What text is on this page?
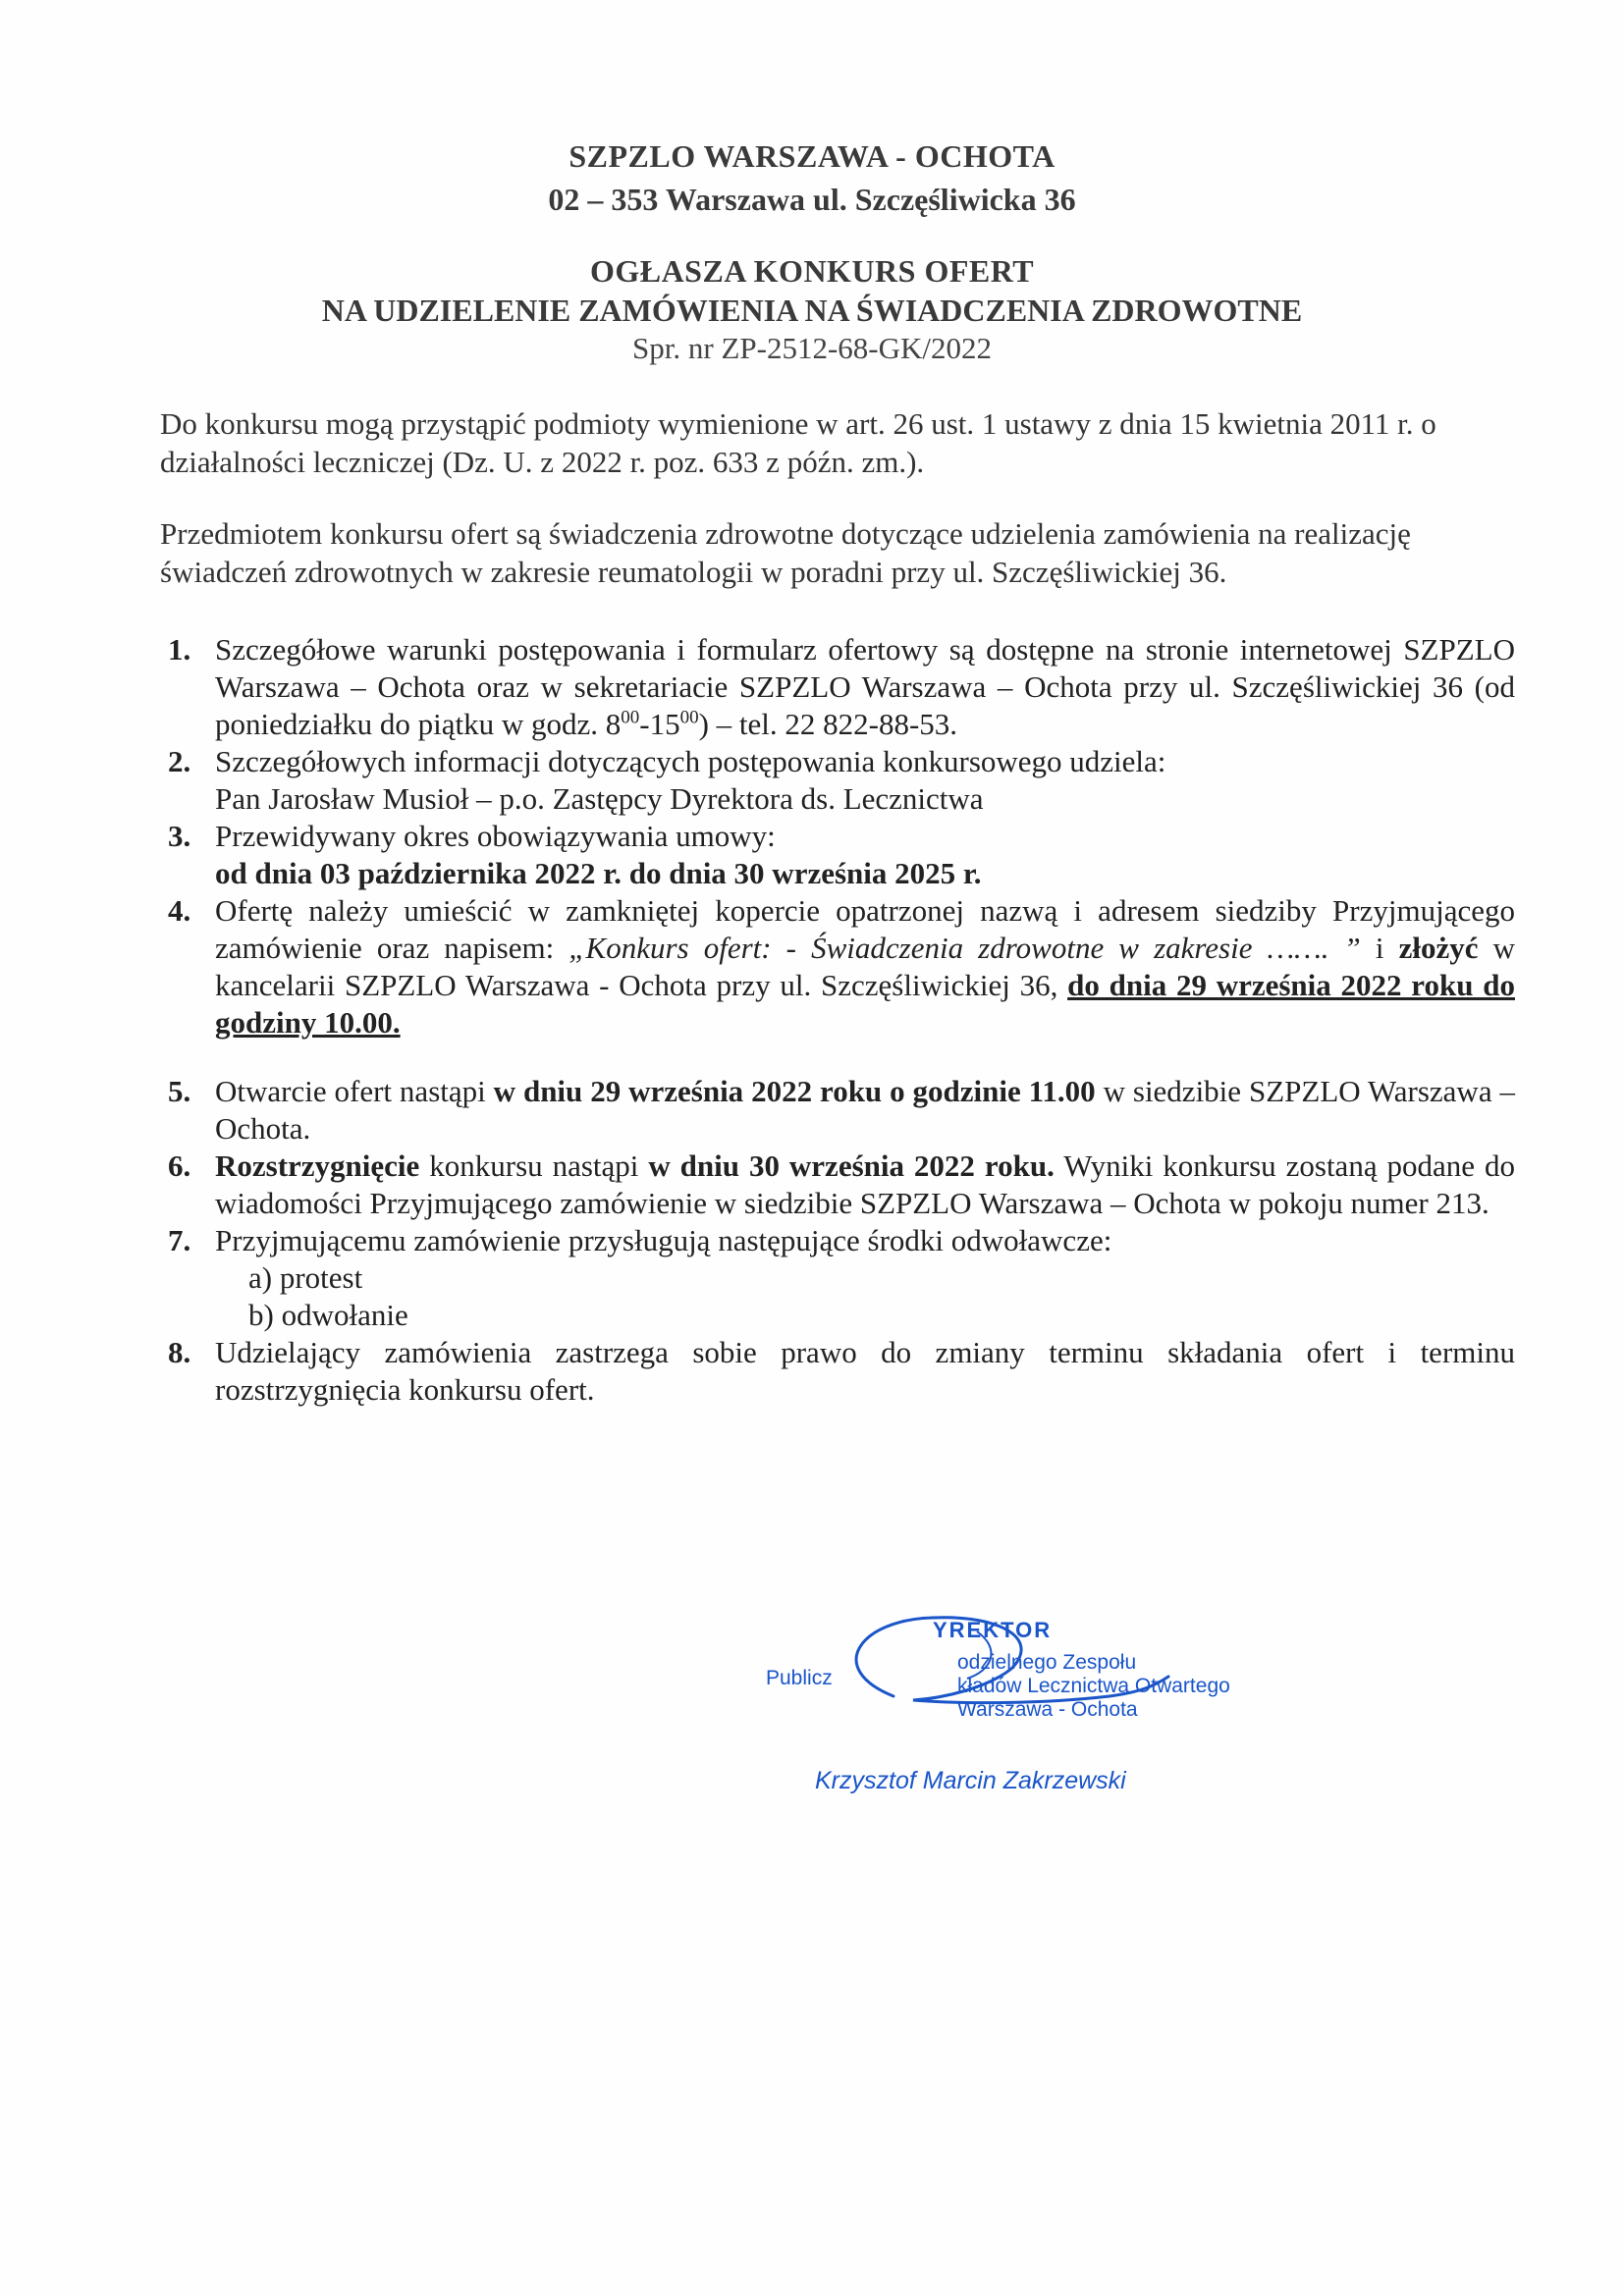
SZPZLO WARSZAWA - OCHOTA
02 – 353 Warszawa ul. Szczęśliwicka 36
OGŁASZA KONKURS OFERT
NA UDZIELENIE ZAMÓWIENIA NA ŚWIADCZENIA ZDROWOTNE
Spr. nr ZP-2512-68-GK/2022
Do konkursu mogą przystąpić podmioty wymienione w art. 26 ust. 1 ustawy z dnia 15 kwietnia 2011 r. o działalności leczniczej (Dz. U. z 2022 r. poz. 633 z późn. zm.).
Przedmiotem konkursu ofert są świadczenia zdrowotne dotyczące udzielenia zamówienia na realizację świadczeń zdrowotnych w zakresie reumatologii w poradni przy ul. Szczęśliwickiej 36.
1. Szczegółowe warunki postępowania i formularz ofertowy są dostępne na stronie internetowej SZPZLO Warszawa – Ochota oraz w sekretariacie SZPZLO Warszawa – Ochota przy ul. Szczęśliwickiej 36 (od poniedziałku do piątku w godz. $8^{00}-15^{00}$) – tel. 22 822-88-53.
2. Szczegółowych informacji dotyczących postępowania konkursowego udziela:
Pan Jarosław Musioł – p.o. Zastępcy Dyrektora ds. Lecznictwa
3. Przewidywany okres obowiązywania umowy:
od dnia 03 października 2022 r. do dnia 30 września 2025 r.
4. Ofertę należy umieścić w zamkniętej kopercie opatrzonej nazwą i adresem siedziby Przyjmującego zamówienie oraz napisem: „Konkurs ofert: - Świadczenia zdrowotne w zakresie ……. ” i złożyć w kancelarii SZPZLO Warszawa - Ochota przy ul. Szczęśliwickiej 36, do dnia 29 września 2022 roku do godziny 10.00.
5. Otwarcie ofert nastąpi w dniu 29 września 2022 roku o godzinie 11.00 w siedzibie SZPZLO Warszawa – Ochota.
6. Rozstrzygnięcie konkursu nastąpi w dniu 30 września 2022 roku. Wyniki konkursu zostaną podane do wiadomości Przyjmującego zamówienie w siedzibie SZPZLO Warszawa – Ochota w pokoju numer 213.
7. Przyjmującemu zamówienie przysługują następujące środki odwoławcze:
a) protest
b) odwołanie
8. Udzielający zamówienia zastrzega sobie prawo do zmiany terminu składania ofert i terminu rozstrzygnięcia konkursu ofert.
YREKTOR
Publicz
odzielnego Zespołu
kładów Lecznictwa Otwartego
Warszawa - Ochota
Krzysztof Marcin Zakrzewski
